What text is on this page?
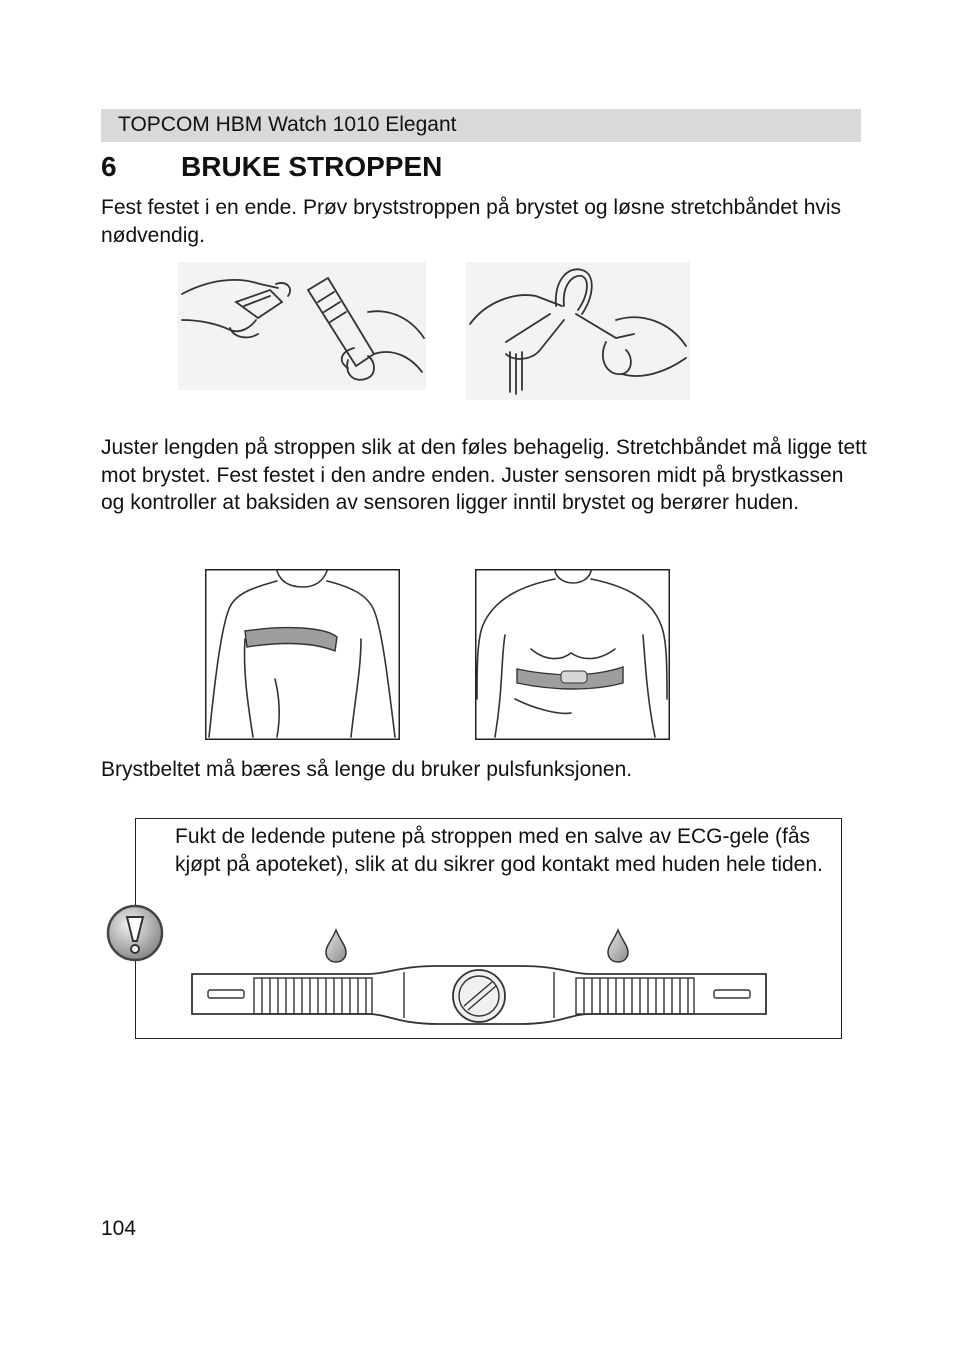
TOPCOM HBM Watch 1010 Elegant
6 BRUKE STROPPEN

Fest festet i en ende. Prøv bryststroppen på brystet og løsne stretchbåndet hvis nødvendig.

Juster lengden på stroppen slik at den føles behagelig. Stretchbåndet må ligge tett mot brystet. Fest festet i den andre enden. Juster sensoren midt på brystkassen og kontroller at baksiden av sensoren ligger inntil brystet og berører huden.

Brystbeltet må bæres så lenge du bruker pulsfunksjonen.

Fukt de ledende putene på stroppen med en salve av ECG-gele (fås kjøpt på apoteket), slik at du sikrer god kontakt med huden hele tiden.

104
